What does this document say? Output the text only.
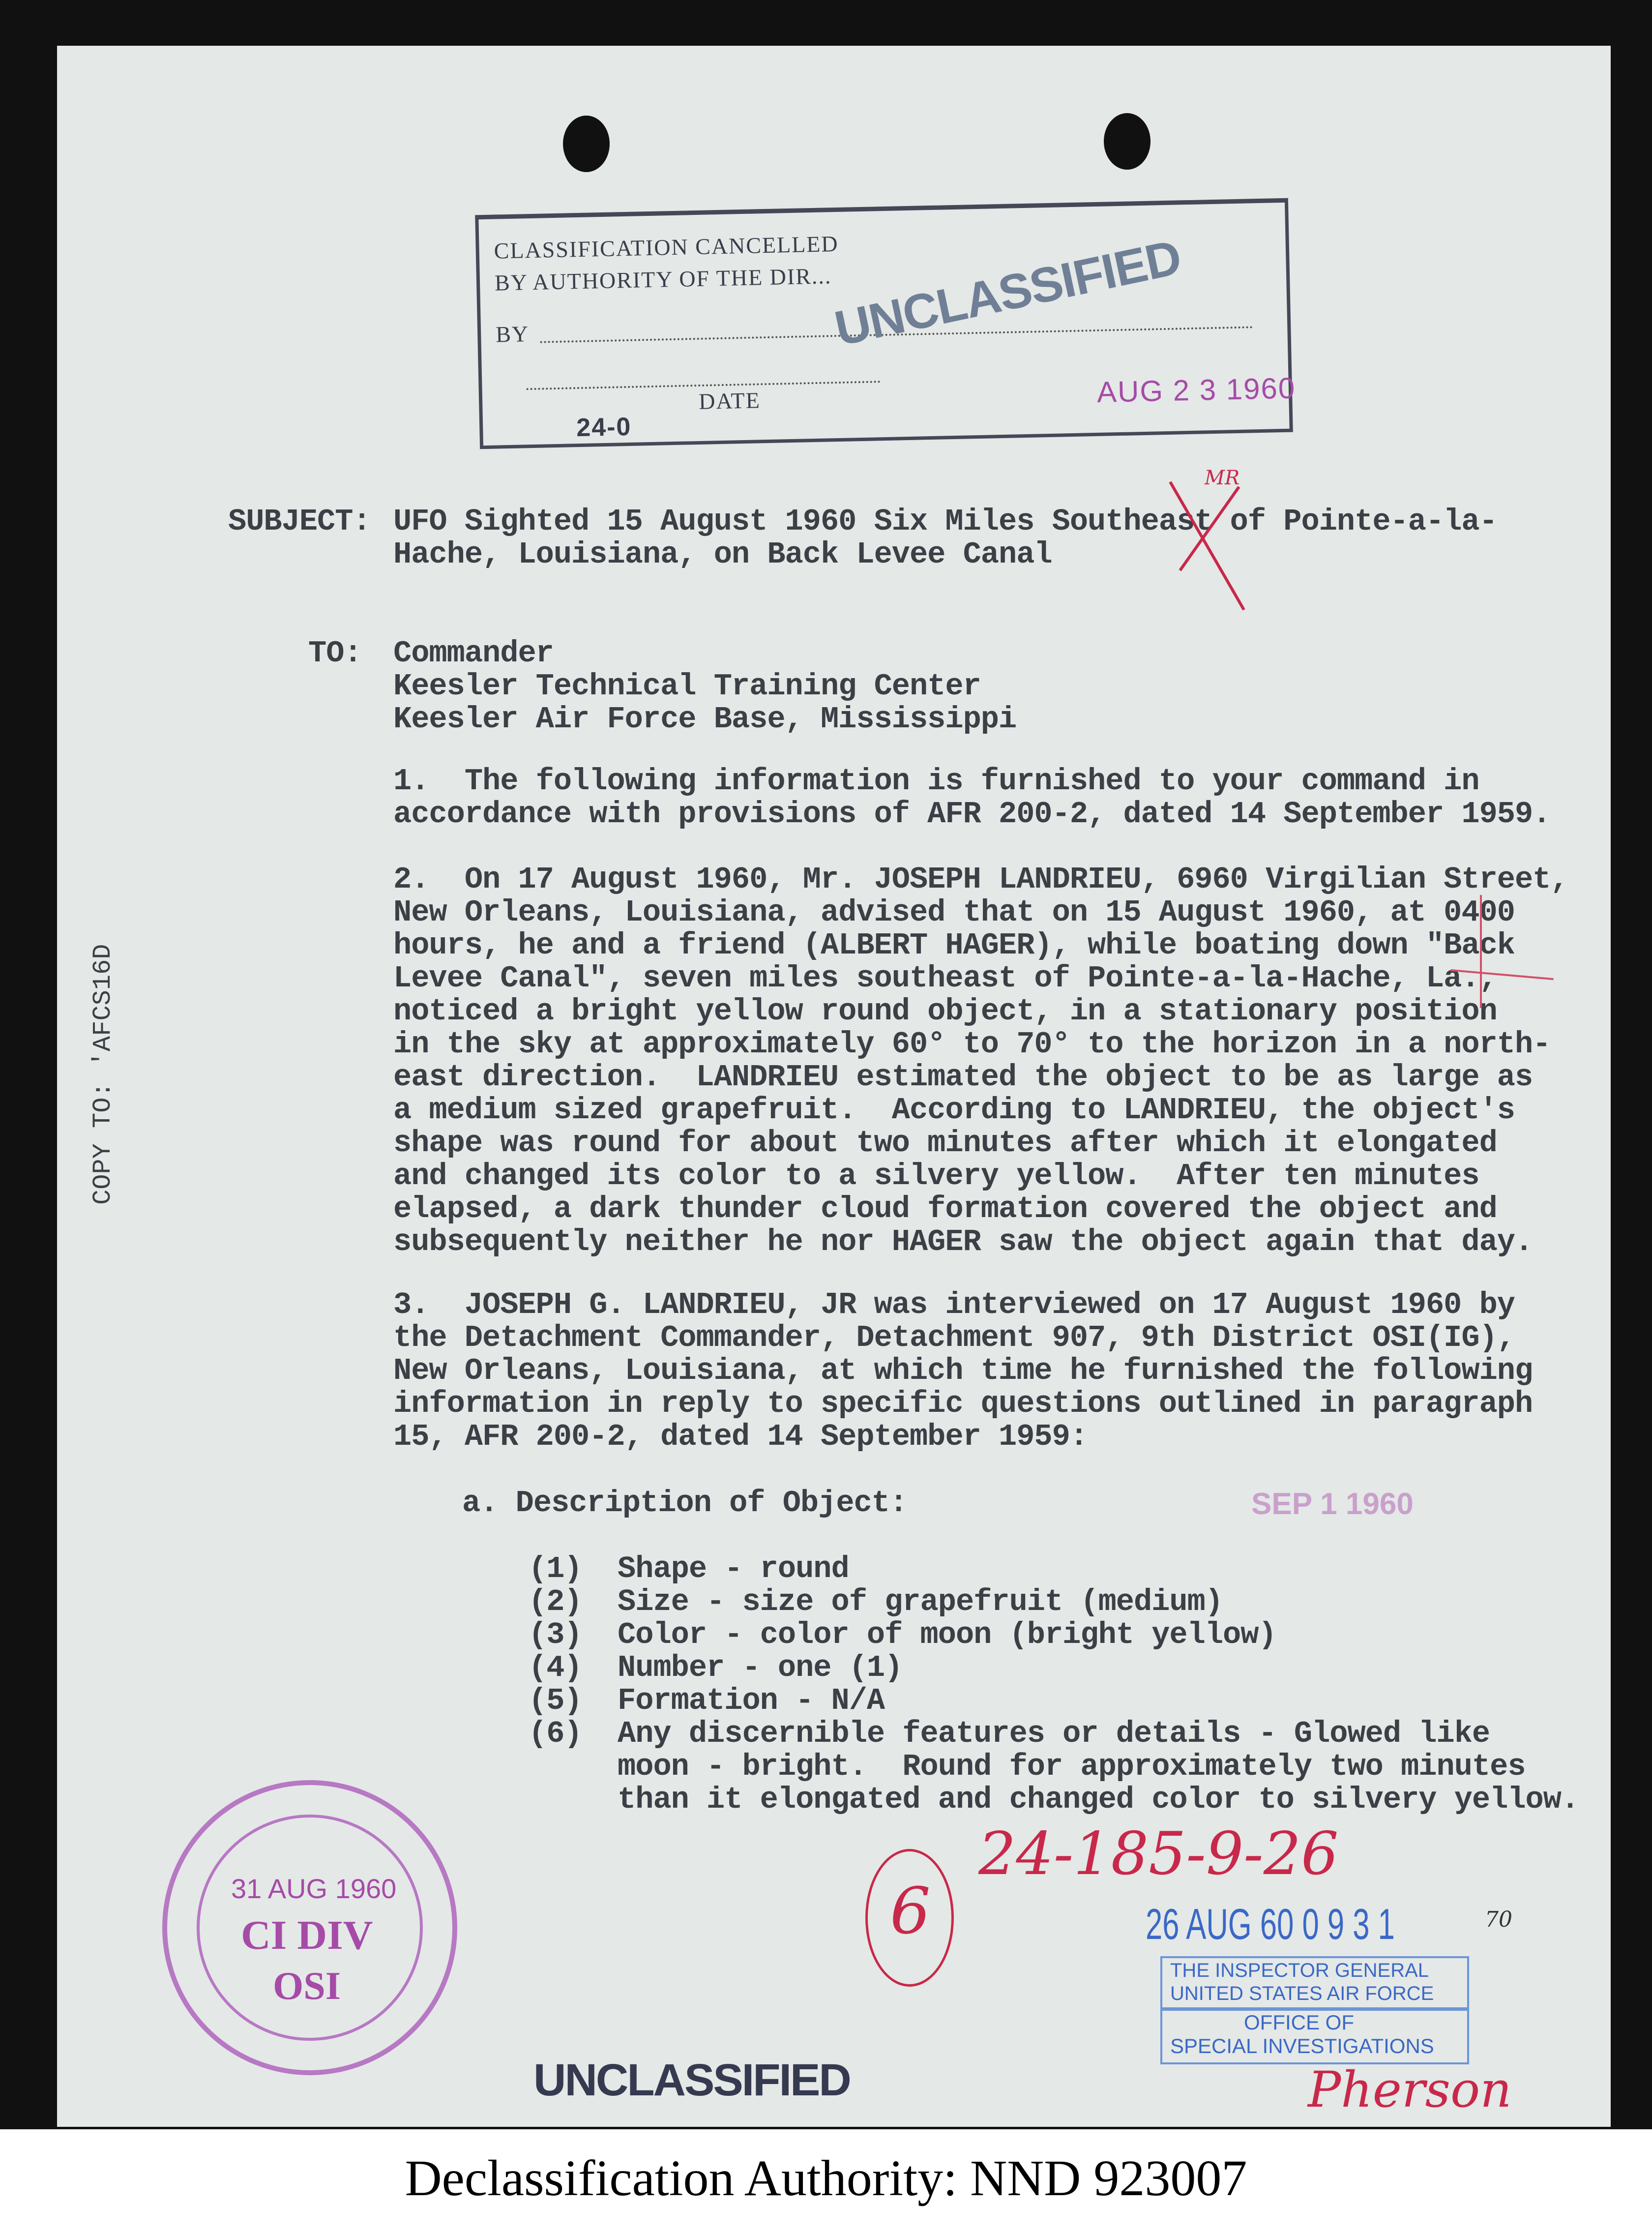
CLASSIFICATION CANCELLED
BY AUTHORITY OF THE DIR...
BY
DATE
24-0
AUG 2 3 1960
UNCLASSIFIED
SUBJECT: UFO Sighted 15 August 1960 Six Miles Southeast of Pointe-a-la-
Hache, Louisiana, on Back Levee Canal
TO: Commander
Keesler Technical Training Center
Keesler Air Force Base, Mississippi
1.  The following information is furnished to your command in
accordance with provisions of AFR 200-2, dated 14 September 1959.
2.  On 17 August 1960, Mr. JOSEPH LANDRIEU, 6960 Virgilian Street,
New Orleans, Louisiana, advised that on 15 August 1960, at 0400
hours, he and a friend (ALBERT HAGER), while boating down "Back
Levee Canal", seven miles southeast of Pointe-a-la-Hache, La.,
noticed a bright yellow round object, in a stationary position
in the sky at approximately 60° to 70° to the horizon in a north-
east direction.  LANDRIEU estimated the object to be as large as
a medium sized grapefruit.  According to LANDRIEU, the object's
shape was round for about two minutes after which it elongated
and changed its color to a silvery yellow.  After ten minutes
elapsed, a dark thunder cloud formation covered the object and
subsequently neither he nor HAGER saw the object again that day.
3.  JOSEPH G. LANDRIEU, JR was interviewed on 17 August 1960 by
the Detachment Commander, Detachment 907, 9th District OSI(IG),
New Orleans, Louisiana, at which time he furnished the following
information in reply to specific questions outlined in paragraph
15, AFR 200-2, dated 14 September 1959:
a. Description of Object:
(1)  Shape - round
(2)  Size - size of grapefruit (medium)
(3)  Color - color of moon (bright yellow)
(4)  Number - one (1)
(5)  Formation - N/A
(6)  Any discernible features or details - Glowed like
moon - bright.  Round for approximately two minutes
than it elongated and changed color to silvery yellow.
COPY TO: 'AFCS16D
SEP 1 1960
24-185-9-26
26 AUG 60 0 9 3 1	70
THE INSPECTOR GENERAL
UNITED STATES AIR FORCE
OFFICE OF
SPECIAL INVESTIGATIONS
Pherson
31 AUG 1960
CI DIV
OSI
6
MR
UNCLASSIFIED
Declassification Authority: NND 923007
